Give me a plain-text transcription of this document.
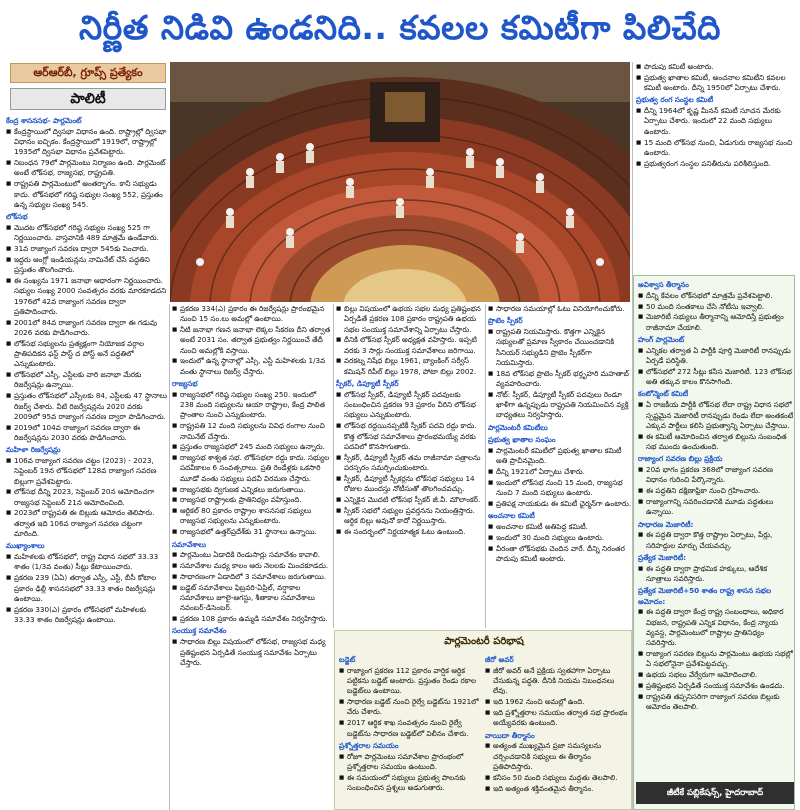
నిర్ణీత నిడివి ఉండనిది.. కవలల కమిటీగా పిలిచేది
ఆర్ఆర్‌బీ, గ్రూప్స్ ప్రత్యేకం
పాలిటీ

కేంద్ర శాసనసభ- పార్లమెంట్

■ కేంద్రస్థాయిలో ద్విసభా విధానం ఉంది. రాష్ట్రాల్లో ద్విసభా విధానం ఐచ్ఛికం. కేంద్రస్థాయిలో 1919లో, రాష్ట్రాల్లో 1935లో ద్విసభా విధానం ప్రవేశపెట్టారు.

■ నిబంధన 79లో పార్లమెంటు నిర్మాణం ఉంది. పార్లమెంట్ అంటే లోక్‌సభ, రాజ్యసభ, రాష్ట్రపతి.

■ రాష్ట్రపతి పార్లమెంటులో అంతర్భాగం. కానీ సభ్యుడు కాదు. లోక్‌సభలో గరిష్ఠ సభ్యుల సంఖ్య 552, ప్రస్తుతం ఉన్న సభ్యుల సంఖ్య 545.

లోక్‌సభ

■ మొదట లోక్‌సభలో గరిష్ఠ సభ్యుల సంఖ్య 525 గా నిర్ణయించారు. వాస్తవానికి 489 మాత్రమే ఉండేవారు.

■ 31వ రాజ్యాంగ సవరణ ద్వారా 545కు పెంచారు.

■ ఇద్దరు ఆంగ్లో ఇండియన్లను నామినేట్ చేసే పద్ధతిని ప్రస్తుతం తొలగించారు.

■ ఈ సంఖ్యను 1971 జనాభా ఆధారంగా నిర్ణయించారు. సభ్యుల సంఖ్య 2000 సంవత్సరం వరకు మారకూడదని 1976లో 42వ రాజ్యాంగ సవరణ ద్వారా ప్రతిపాదించారు.

■ 2001లో 84వ రాజ్యాంగ సవరణ ద్వారా ఈ గడువు 2026 వరకు పొడిగించారు.

■ లోక్‌సభ సభ్యులను ప్రత్యక్షంగా నియోజక వర్గాల ప్రాతిపదికన ఫస్ట్ పాస్ట్ ద పోస్ట్ అనే పద్ధతిలో ఎన్నుకుంటారు.

■ లోక్‌సభలో ఎస్సీ, ఎస్టీలకు వారి జనాభా మేరకు రిజర్వేషన్లు ఉన్నాయి.

■ ప్రస్తుతం లోక్‌సభలో ఎస్సీలకు 84, ఎస్టీలకు 47 స్థానాలు రిజర్వ్ చేశారు. వీటి రిజర్వేషన్లను 2020 వరకు 2009లో 95వ రాజ్యాంగ సవరణ ద్వారా పొడిగించారు.

■ 2019లో 104వ రాజ్యాంగ సవరణ ద్వారా ఈ రిజర్వేషన్లను 2030 వరకు పొడిగించారు.

మహిళా రిజర్వేషన్లు

■ 106వ రాజ్యాంగ సవరణ చట్టం (2023) - 2023, సెప్టెంబర్ 19న లోక్‌సభలో 128వ రాజ్యాంగ సవరణ బిల్లుగా ప్రవేశపెట్టారు.

■ లోక్‌సభ దీన్ని 2023, సెప్టెంబర్ 20న ఆమోదించగా రాజ్యసభ సెప్టెంబర్ 21న ఆమోదించింది.

■ 2023లో రాష్ట్రపతి ఈ బిల్లుకు ఆమోదం తెలిపారు. తర్వాత ఇది 106వ రాజ్యాంగ సవరణ చట్టంగా మారింది.

ముఖ్యాంశాలు

■ మహిళలకు లోక్‌సభలో, రాష్ట్ర విధాన సభలో 33.33 శాతం (1/3వ వంతు) సీట్లు కేటాయించారు.

■ ప్రకరణ 239 (ఏఏ) తర్వాత ఎస్సీ, ఎస్టీ, బీసీ కోటాల ప్రకారం ఢిల్లీ శాసనసభలో 33.33 శాతం రిజర్వేషన్లు ఉంటాయి.

■ ప్రకరణ 330(ఎ) ప్రకారం లోక్‌సభలో మహిళలకు 33.33 శాతం రిజర్వేషన్లు ఉంటాయి.

■ ప్రకరణ 334(ఎ) ప్రకారం ఈ రిజర్వేషన్లు ప్రారంభమైన నుంచి 15 సం.లు అమల్లో ఉంటాయి.

■ నీటి జనాభా గణన జనాభా లెక్కల సేకరణ దీని తర్వాత అంటే 2031 సం. తర్వాత ప్రభుత్వం నిర్ణయించే తేదీ నుంచి అమల్లోకి వస్తాయి.

■ ఇందులో ఉన్న స్థానాల్లో ఎస్సీ, ఎస్టీ మహిళలకు 1/3వ వంతు స్థానాలు రిజర్వ్ చేస్తారు.

రాజ్యసభ

■ రాజ్యసభలో గరిష్ఠ సభ్యుల సంఖ్య 250. ఇందులో 238 మంది సభ్యులను ఆయా రాష్ట్రాల, కేంద్ర పాలిత ప్రాంతాల నుంచి ఎన్నుకుంటారు.

■ రాష్ట్రపతి 12 మంది సభ్యులను వివిధ రంగాల నుంచి నామినేట్ చేస్తారు.

■ ప్రస్తుతం రాజ్యసభలో 245 మంది సభ్యులు ఉన్నారు.

■ రాజ్యసభ శాశ్వత సభ. లోక్‌సభలా రద్దు కాదు. సభ్యుల పదవీకాలం 6 సంవత్సరాలు. ప్రతి రెండేళ్లకు ఒకసారి మూడో వంతు సభ్యులు పదవీ విరమణ చేస్తారు.

■ రాజ్యసభకు ద్విగుణక ఎన్నికలు జరుగుతాయి.

■ రాజ్యసభ రాష్ట్రాలకు ప్రాతినిధ్యం వహిస్తుంది.

■ ఆర్టికల్ 80 ప్రకారం రాష్ట్రాల శాసనసభ సభ్యులు రాజ్యసభ సభ్యులను ఎన్నుకుంటారు.

■ రాజ్యసభలో ఉత్తర్‌ప్రదేశ్‌కు 31 స్థానాలు ఉన్నాయి.

సమావేశాలు

■ పార్లమెంటు ఏడాదికి రెండుసార్లు సమావేశం కావాలి.

■ సమావేశాల మధ్య కాలం ఆరు నెలలకు మించకూడదు.

■ సాధారణంగా ఏడాదిలో 3 సమావేశాలు జరుగుతాయి.

■ బడ్జెట్ సమావేశాలు ఫిబ్రవరి-ఏప్రిల్, వర్షాకాల సమావేశాలు జూలై-ఆగస్టు, శీతాకాల సమావేశాలు నవంబర్-డిసెంబర్.

■ ప్రకరణ 108 ప్రకారం ఉమ్మడి సమావేశం నిర్వహిస్తారు.

సంయుక్త సమావేశం

■ సాధారణ బిల్లు విషయంలో లోక్‌సభ, రాజ్యసభ మధ్య ప్రతిష్టంభన ఏర్పడితే సంయుక్త సమావేశం ఏర్పాటు చేస్తారు.

■ బిల్లు విషయంలో ఉభయ సభల మధ్య ప్రతిష్టంభన ఏర్పడితే ప్రకరణ 108 ప్రకారం రాష్ట్రపతి ఉభయ సభల సంయుక్త సమావేశాన్ని ఏర్పాటు చేస్తారు.

■ దీనికి లోక్‌సభ స్పీకర్ అధ్యక్షత వహిస్తారు. ఇప్పటి వరకు 3 సార్లు సంయుక్త సమావేశాలు జరిగాయి.

■ వరకట్న నిషేధ బిల్లు 1961, బ్యాంకింగ్ సర్వీస్ కమిషన్ రిపీల్ బిల్లు 1978, పోటా బిల్లు 2002.

స్పీకర్, డిప్యూటీ స్పీకర్

■ లోక్‌సభ స్పీకర్, డిప్యూటీ స్పీకర్ పదవులకు సంబంధించిన ప్రకరణ 93 ప్రకారం వీరిని లోక్‌సభ సభ్యులు ఎన్నుకుంటారు.

■ లోక్‌సభ రద్దయినప్పటికీ స్పీకర్ పదవి రద్దు కాదు. కొత్త లోక్‌సభ సమావేశాలు ప్రారంభమయ్యే వరకు పదవిలో కొనసాగుతారు.

■ స్పీకర్, డిప్యూటీ స్పీకర్ తమ రాజీనామా పత్రాలను పరస్పరం సమర్పించుకుంటారు.

■ స్పీకర్, డిప్యూటీ స్పీకర్లను లోక్‌సభ సభ్యులు 14 రోజుల ముందస్తు నోటీసుతో తొలగించవచ్చు.

■ ఎన్నికైన మొదటి లోక్‌సభ స్పీకర్ జీ.వీ. మౌలాంకర్.

■ స్పీకర్ సభలో సభ్యుల ప్రవర్తనను నియంత్రిస్తారు. ఆర్థిక బిల్లు అవునో కాదో నిర్ణయిస్తారు.

■ ఈ సందర్భంలో నిర్ణయాత్మక ఓటు ఉంటుంది.

■ సాధారణ సమయాల్లో ఓటు వినియోగించుకోరు.

ప్రొటెం స్పీకర్

■ రాష్ట్రపతి నియమిస్తారు. కొత్తగా ఎన్నికైన సభ్యులతో ప్రమాణ స్వీకారం చేయించడానికి సీనియర్ సభ్యుడిని ప్రొటెం స్పీకర్‌గా నియమిస్తారు.

■ 18వ లోక్‌సభ ప్రొటెం స్పీకర్ భర్తృహరి మహతాబ్ వ్యవహరించారు.

■ నోట్: స్పీకర్, డిప్యూటీ స్పీకర్ పదవులు రెండూ ఖాళీగా ఉన్నప్పుడు రాష్ట్రపతి నియమించిన వ్యక్తి బాధ్యతలు నిర్వహిస్తారు.

పార్లమెంటరీ కమిటీలు

ప్రభుత్వ ఖాతాల సంఘం

■ పార్లమెంటరీ కమిటీలో ప్రభుత్వ ఖాతాల కమిటీ అతి ప్రాచీనమైంది.

■ దీన్ని 1921లో ఏర్పాటు చేశారు.

■ ఇందులో లోక్‌సభ నుంచి 15 మంది, రాజ్యసభ నుంచి 7 మంది సభ్యులు ఉంటారు.

■ ప్రతిపక్ష నాయకుడు ఈ కమిటీ ఛైర్మన్‌గా ఉంటారు.

అంచనాల కమిటీ

■ అంచనాల కమిటీ అతిపెద్ద కమిటీ.

■ ఇందులో 30 మంది సభ్యులు ఉంటారు.

■ వీరంతా లోక్‌సభకు చెందిన వారే. దీన్ని నిరంతర పొదుపు కమిటీ అంటారు.

■ పొదుపు కమిటీ అంటారు.

■ ప్రభుత్వ ఖాతాల కమిటీ, అంచనాల కమిటీని కవలల కమిటీ అంటారు. దీన్ని 1950లో ఏర్పాటు చేశారు.

ప్రభుత్వ రంగ సంస్థల కమిటీ

■ దీన్ని 1964లో కృష్ణ మీనన్ కమిటీ సూచన మేరకు ఏర్పాటు చేశారు. ఇందులో 22 మంది సభ్యులు ఉంటారు.

■ 15 మంది లోక్‌సభ నుంచి, ఏడుగురు రాజ్యసభ నుంచి ఉంటారు.

■ ప్రభుత్వరంగ సంస్థల పనితీరును పరిశీలిస్తుంది.

అవిశ్వాస తీర్మానం

■ దీన్ని కేవలం లోక్‌సభలో మాత్రమే ప్రవేశపెట్టాలి.

■ 50 మంది సంతకాలు చేసి నోటీసు ఇవ్వాలి.

■ మెజారిటీ సభ్యులు తీర్మానాన్ని ఆమోదిస్తే ప్రభుత్వం రాజీనామా చేయాలి.

హంగ్ పార్లమెంట్

■ ఎన్నికల తర్వాత ఏ పార్టీకి పూర్తి మెజారిటీ రానప్పుడు ఏర్పడే పరిస్థితి.

■ లోక్‌సభలో 272 సీట్లు కనీస మెజారిటీ. 123 లోక్‌సభ అతి తక్కువ కాలం కొనసాగింది.

కంటోన్మెంట్ కమిటీ

■ ఏ రాజకీయ పార్టీకి లోక్‌సభ లేదా రాష్ట్ర విధాన సభలో స్పష్టమైన మెజారిటీ రానప్పుడు రెండు లేదా అంతకంటే ఎక్కువ పార్టీలు కలిసి ప్రభుత్వాన్ని ఏర్పాటు చేస్తాయి.

■ ఈ కమిటీ ఆమోదించిన తర్వాత బిల్లును సంబంధిత సభ ముందు ఉంచుతుంది.

రాజ్యాంగ సవరణ బిల్లు ప్రక్రియ

■ 20వ భాగం ప్రకరణ 368లో రాజ్యాంగ సవరణ విధానం గురించి పేర్కొన్నారు.

■ ఈ పద్ధతిని దక్షిణాఫ్రికా నుంచి గ్రహించారు.

■ రాజ్యాంగాన్ని సవరించడానికి మూడు పద్ధతులు ఉన్నాయి.

సాధారణ మెజారిటీ:

■ ఈ పద్ధతి ద్వారా కొత్త రాష్ట్రాల ఏర్పాటు, పేర్లు, సరిహద్దుల మార్పు చేయవచ్చు.

ప్రత్యేక మెజారిటీ:

■ ఈ పద్ధతి ద్వారా ప్రాథమిక హక్కులు, ఆదేశిక సూత్రాలు సవరిస్తారు.

ప్రత్యేక మెజారిటీ+50 శాతం రాష్ట్ర శాసన సభల ఆమోదం:

■ ఈ పద్ధతి ద్వారా కేంద్ర రాష్ట్ర సంబంధాలు, అధికార విభజన, రాష్ట్రపతి ఎన్నిక విధానం, కేంద్ర న్యాయ వ్యవస్థ, పార్లమెంటులో రాష్ట్రాల ప్రాతినిధ్యం సవరిస్తారు.

■ రాజ్యాంగ సవరణ బిల్లును పార్లమెంటు ఉభయ సభల్లో ఏ సభలోనైనా ప్రవేశపెట్టవచ్చు.

■ ఉభయ సభలు వేర్వేరుగా ఆమోదించాలి.

■ ప్రతిష్టంభన ఏర్పడితే సంయుక్త సమావేశం ఉండదు.

■ రాష్ట్రపతి తప్పనిసరిగా రాజ్యాంగ సవరణ బిల్లుకు ఆమోదం తెలపాలి.

పార్లమెంటరీ పరిభాష

బడ్జెట్

■ రాజ్యాంగ ప్రకరణ 112 ప్రకారం వార్షిక ఆర్థిక పట్టికను బడ్జెట్ అంటారు. ప్రస్తుతం రెండు రకాల బడ్జెట్‌లు ఉంటాయి.

■ సాధారణ బడ్జెట్ నుంచి రైల్వే బడ్జెట్‌ను 1921లో వేరు చేశారు.

■ 2017 ఆర్థిక శాఖ సంవత్సరం నుంచి రైల్వే బడ్జెట్‌ను సాధారణ బడ్జెట్‌లో విలీనం చేశారు.

ప్రశ్నోత్తరాల సమయం

■ రోజూ పార్లమెంటు సమావేశాల ప్రారంభంలో ప్రశ్నోత్తరాల సమయం ఉంటుంది.

■ ఈ సమయంలో సభ్యులు ప్రభుత్వ పాలనకు సంబంధించిన ప్రశ్నలు అడుగుతారు.

జీరో అవర్

■ జీరో అవర్ అనే ప్రక్రియ స్వతహాగా ఏర్పాటు చేసుకున్న పద్ధతి. దీనికి నియమ నిబంధనలు లేవు.

■ ఇది 1962 నుంచి అమల్లో ఉంది.

■ ఇది ప్రశ్నోత్తరాల సమయం తర్వాత సభ ప్రారంభం అయ్యేవరకు ఉంటుంది.

వాయిదా తీర్మానం

■ అత్యంత ముఖ్యమైన ప్రజా సమస్యలను చర్చించడానికి సభ్యులు ఈ తీర్మానం ప్రతిపాదిస్తారు.

■ కనీసం 50 మంది సభ్యులు మద్దతు తెలపాలి.

■ ఇది అత్యంత శక్తివంతమైన తీర్మానం.	జీటీకే పబ్లికేషన్స్, హైదరాబాద్
